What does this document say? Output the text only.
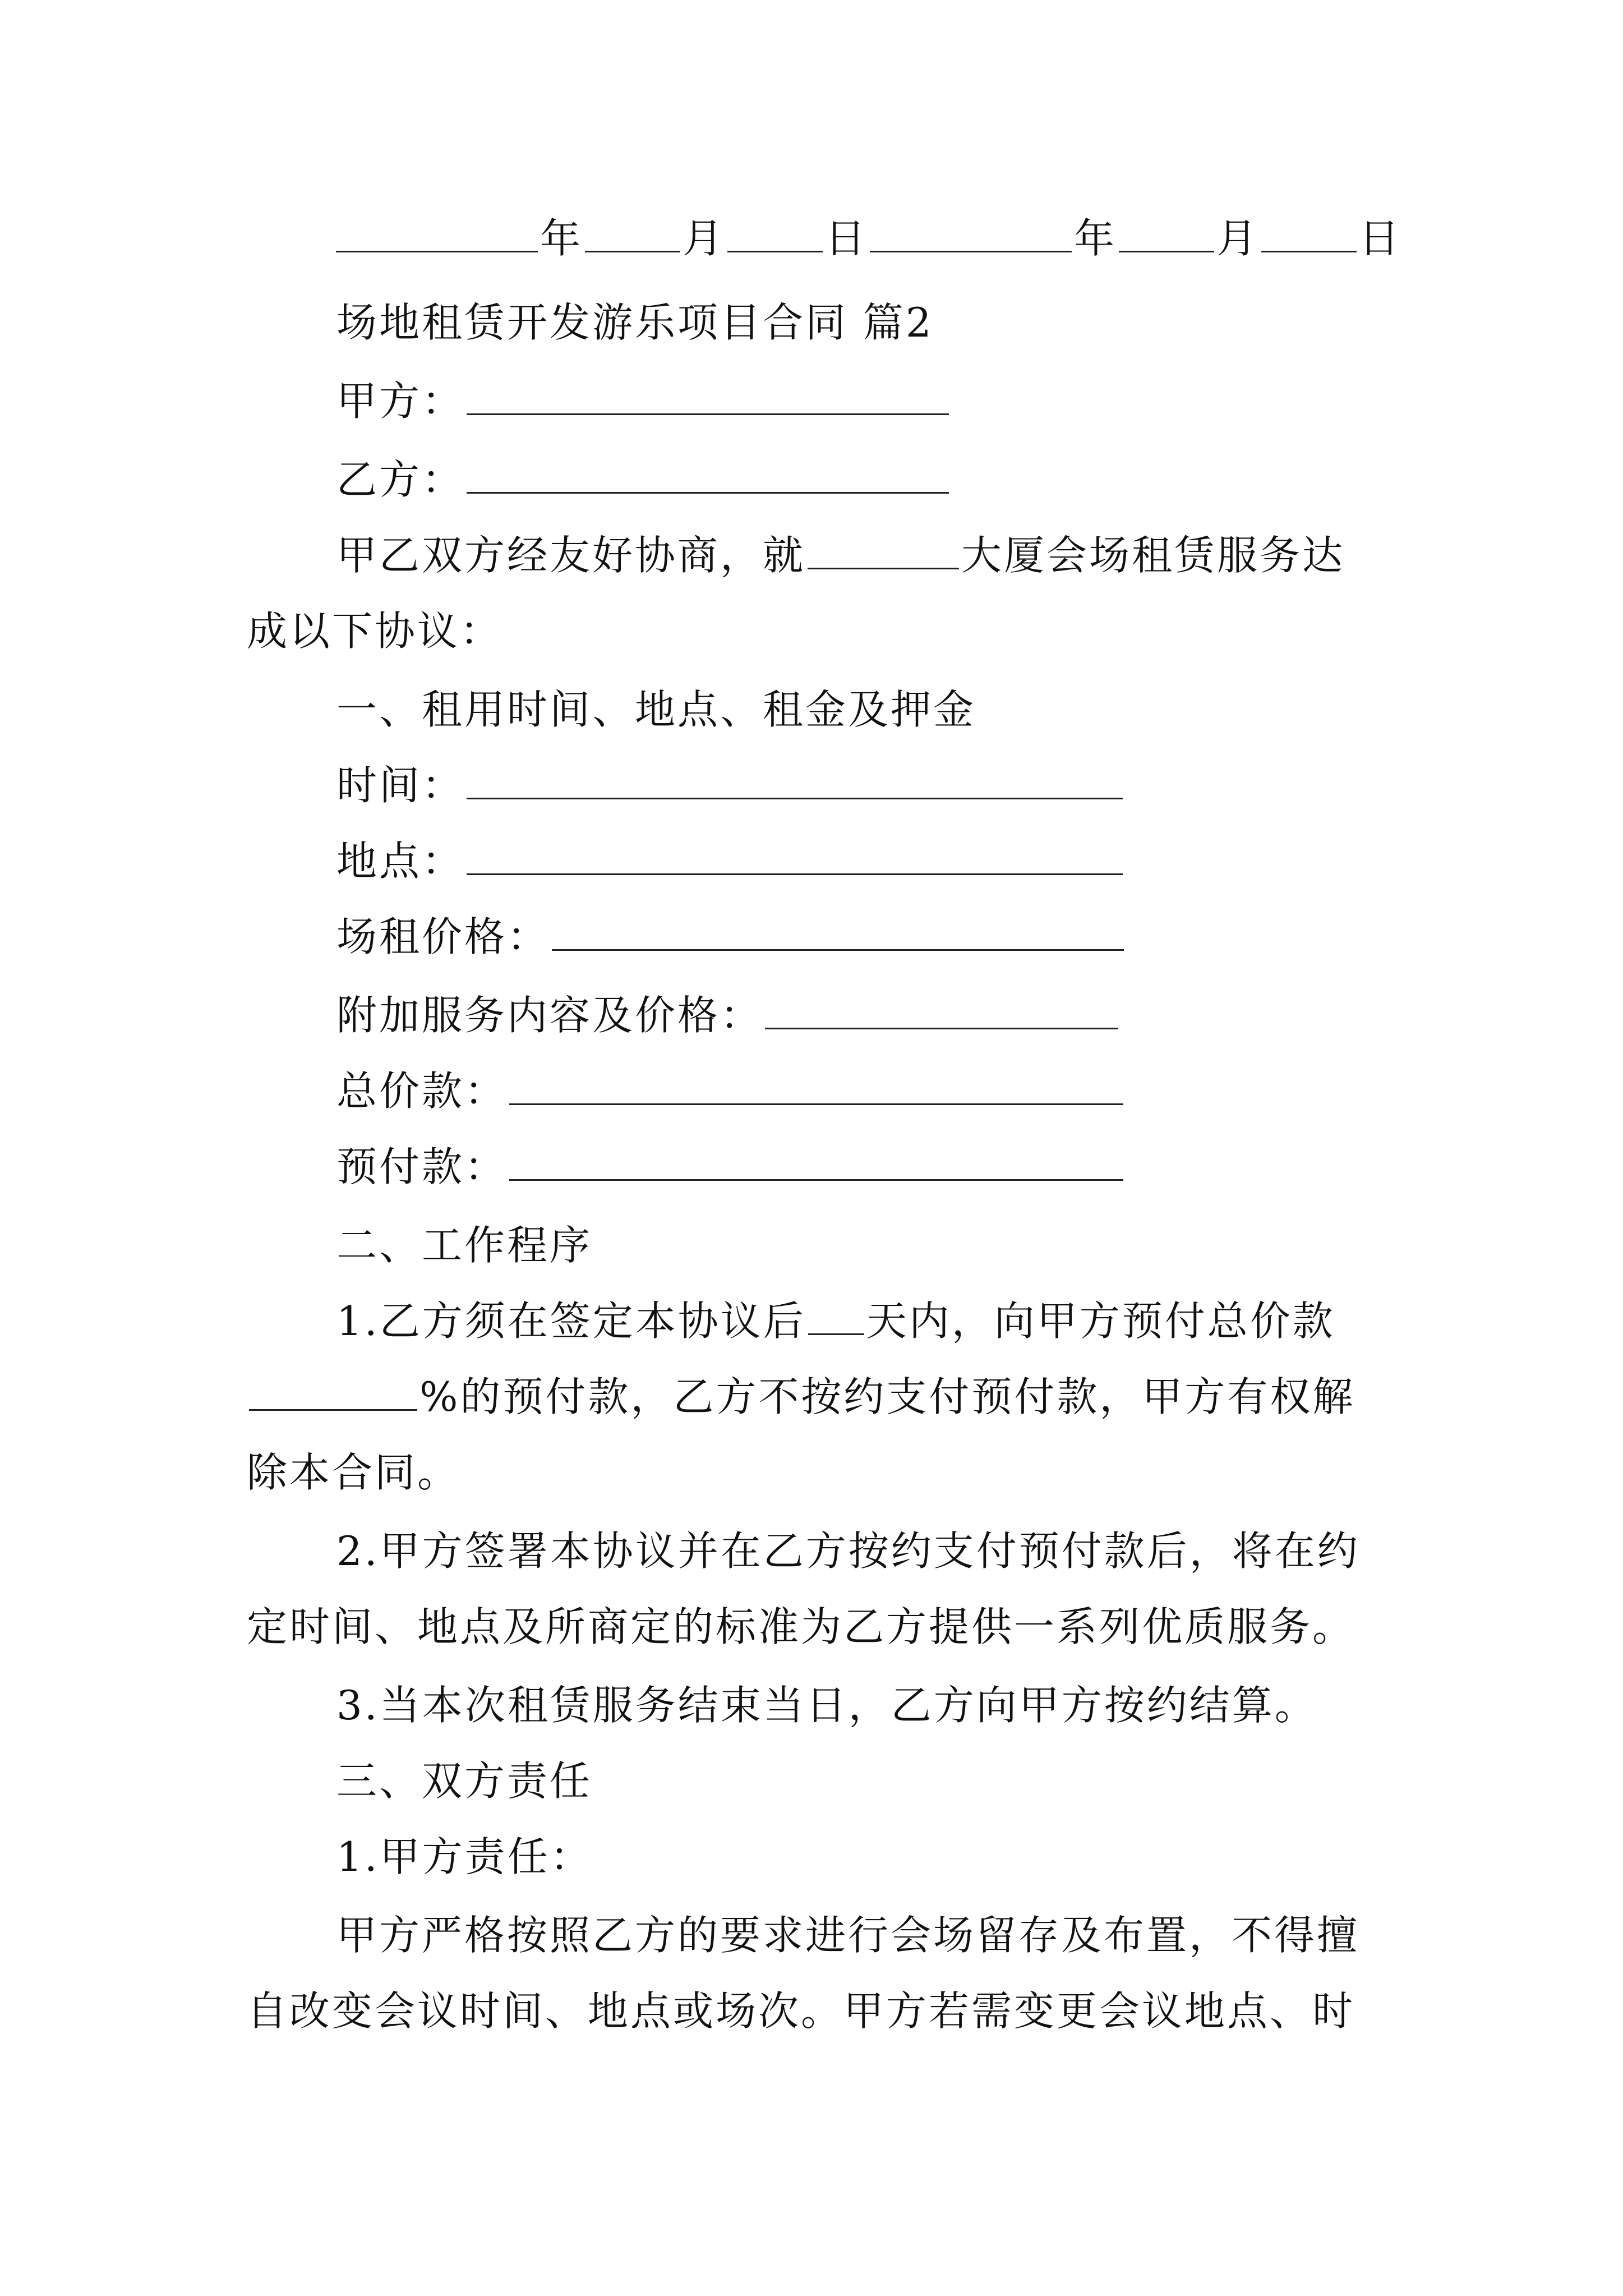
年 月 日	年 月 日
场地租赁开发游乐项目合同 篇2
甲方：
乙方：
甲乙双方经友好协商，就	大厦会场租赁服务达
成以下协议：
一、租用时间、地点、租金及押金
时间：
地点：
场租价格：
附加服务内容及价格：
总价款：
预付款：
二、工作程序
1.乙方须在签定本协议后 天内，向甲方预付总价款
%的预付款，乙方不按约支付预付款，甲方有权解
除本合同。
2.甲方签署本协议并在乙方按约支付预付款后，将在约
定时间、地点及所商定的标准为乙方提供一系列优质服务。
3.当本次租赁服务结束当日，乙方向甲方按约结算。
三、双方责任
1.甲方责任：
甲方严格按照乙方的要求进行会场留存及布置，不得擅
自改变会议时间、地点或场次。甲方若需变更会议地点、时
